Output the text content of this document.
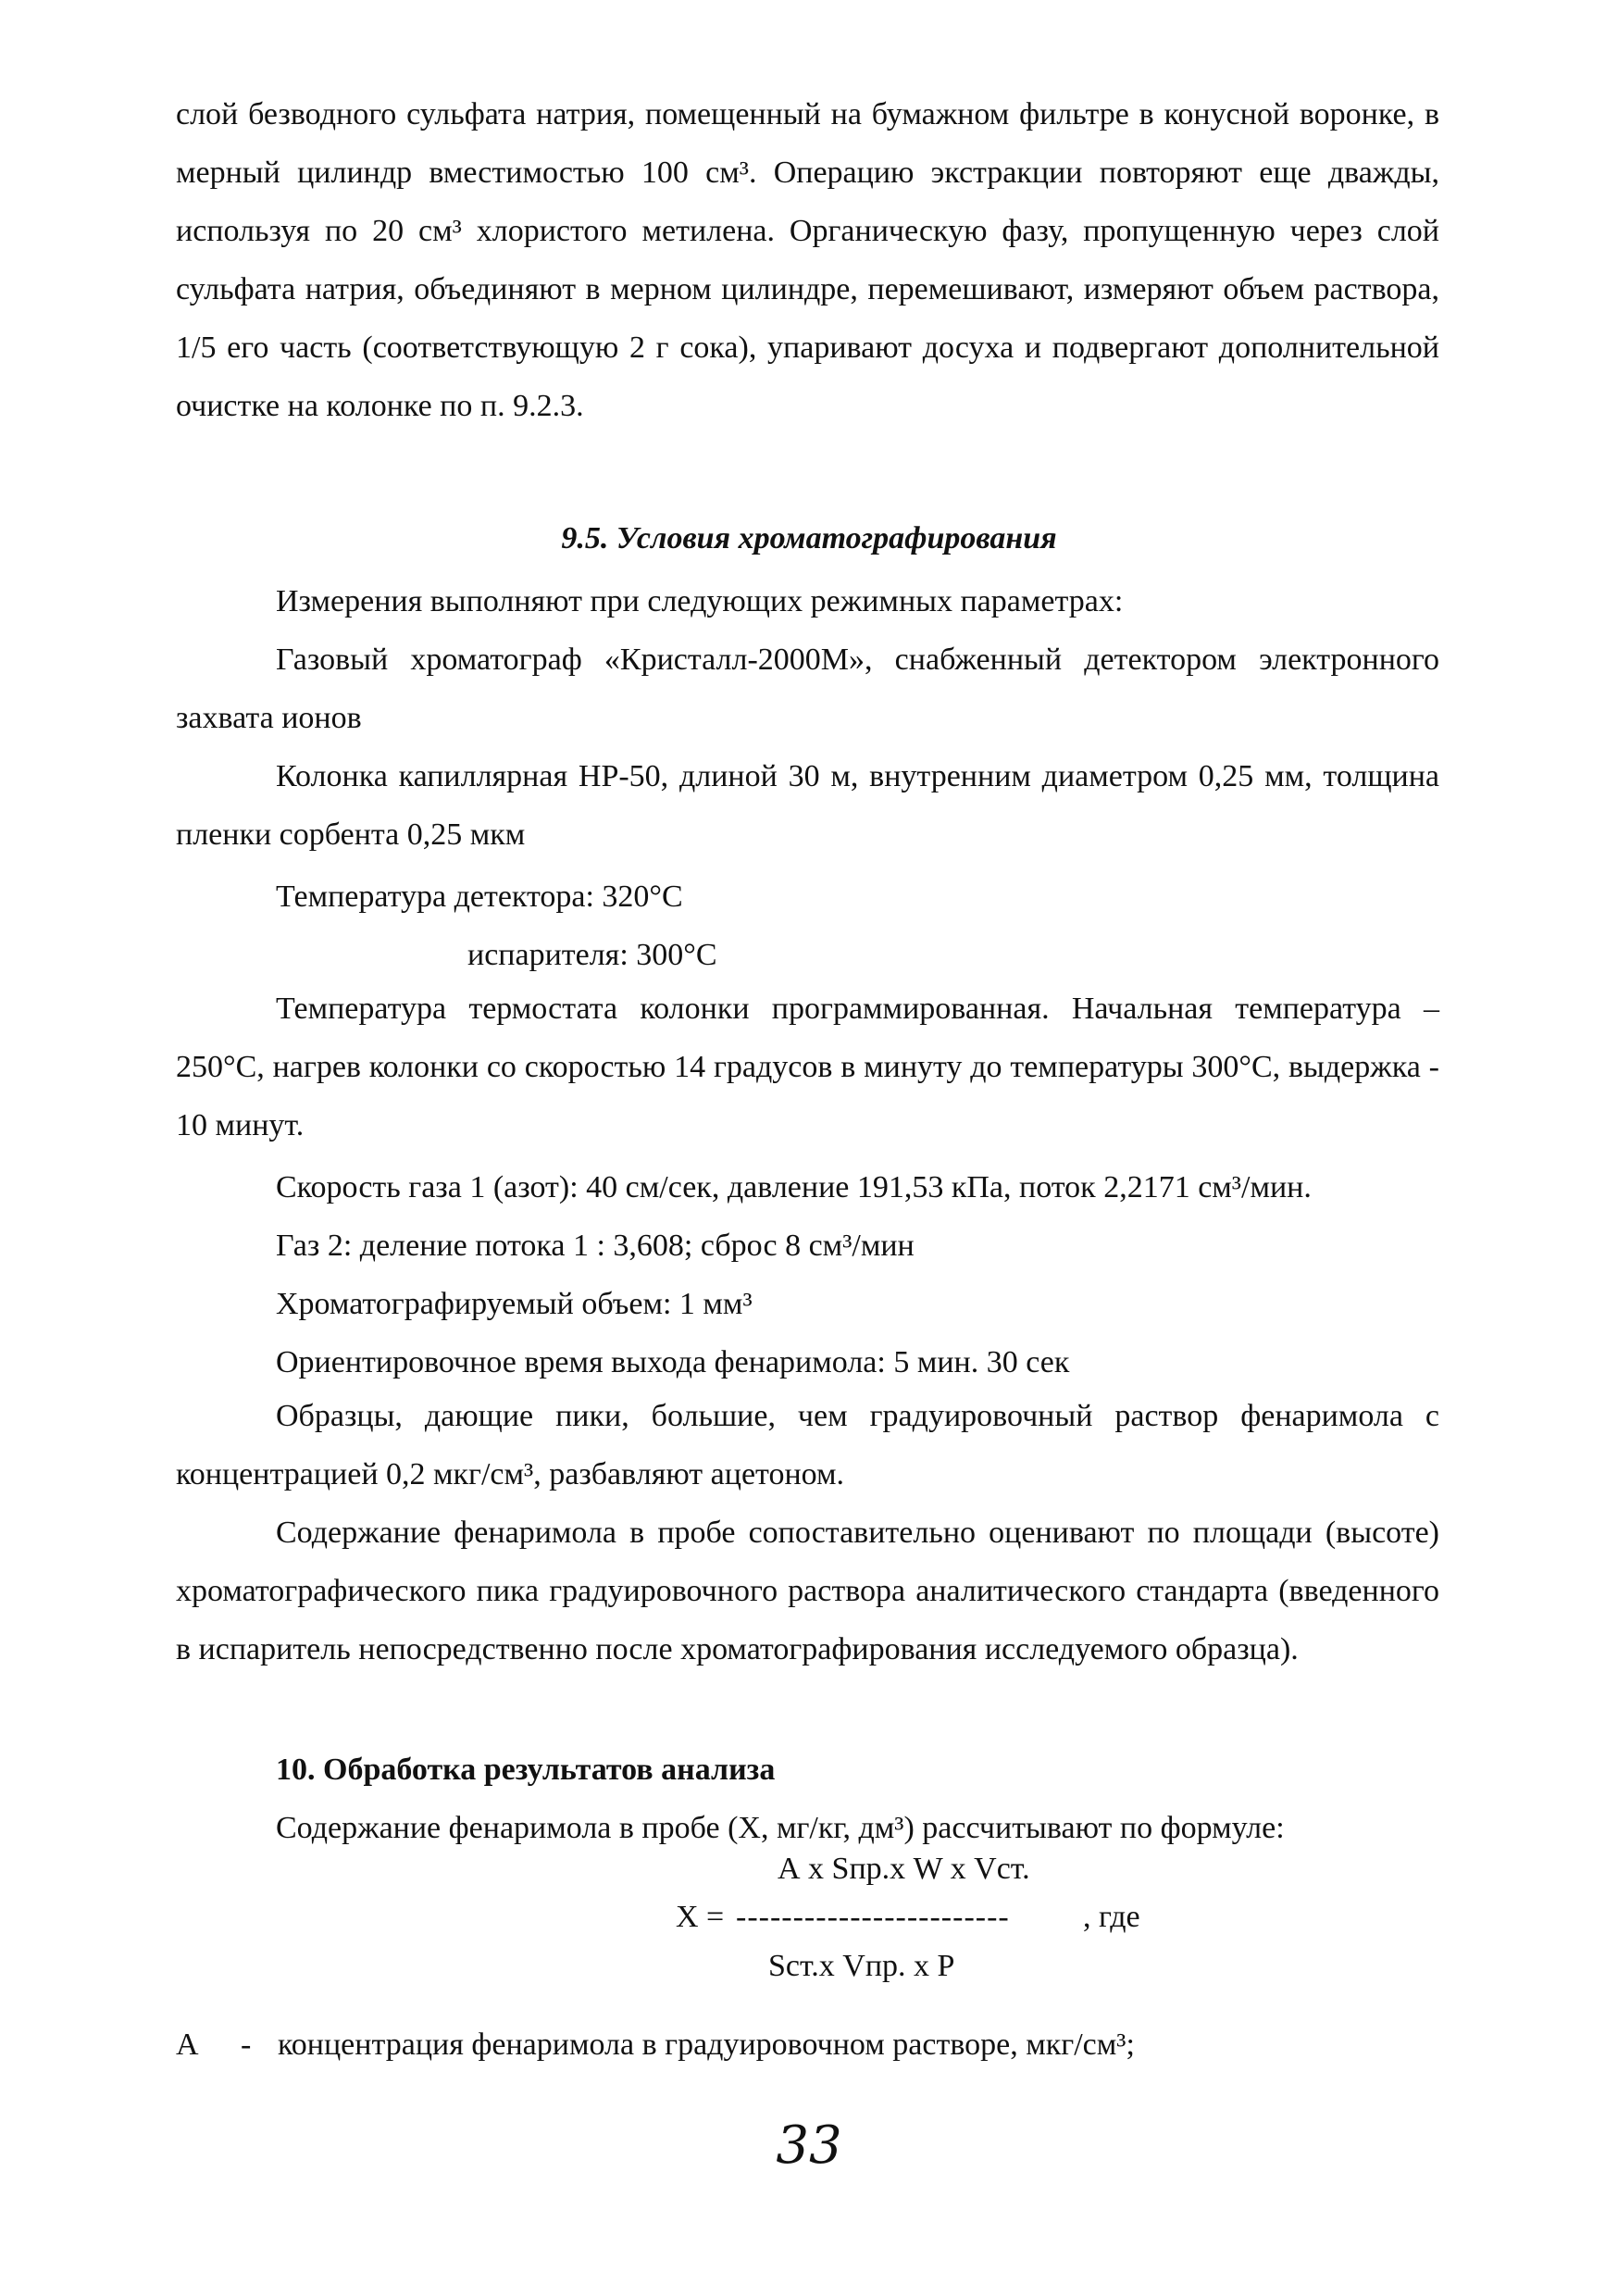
слой безводного сульфата натрия, помещенный на бумажном фильтре в конусной воронке, в мерный цилиндр вместимостью 100 см³. Операцию экстракции повторяют еще дважды, используя по 20 см³ хлористого метилена. Органическую фазу, пропущенную через слой сульфата натрия, объединяют в мерном цилиндре, перемешивают, измеряют объем раствора, 1/5 его часть (соответствующую 2 г сока), упаривают досуха и подвергают дополнительной очистке на колонке по п. 9.2.3.

9.5. Условия хроматографирования

Измерения выполняют при следующих режимных параметрах:

Газовый хроматограф «Кристалл-2000М», снабженный детектором электронного захвата ионов

Колонка капиллярная НР-50, длиной 30 м, внутренним диаметром 0,25 мм, толщина пленки сорбента 0,25 мкм

Температура детектора: 320°С

испарителя: 300°С

Температура термостата колонки программированная. Начальная температура – 250°С, нагрев колонки со скоростью 14 градусов в минуту до температуры 300°С, выдержка - 10 минут.

Скорость газа 1 (азот): 40 см/сек, давление 191,53 кПа, поток 2,2171 см³/мин.

Газ 2: деление потока 1 : 3,608; сброс 8 см³/мин

Хроматографируемый объем: 1 мм³

Ориентировочное время выхода фенаримола: 5 мин. 30 сек

Образцы, дающие пики, большие, чем градуировочный раствор фенаримола с концентрацией 0,2 мкг/см³, разбавляют ацетоном.

Содержание фенаримола в пробе сопоставительно оценивают по площади (высоте) хроматографического пика градуировочного раствора аналитического стандарта (введенного в испаритель непосредственно после хроматографирования исследуемого образца).

10. Обработка результатов анализа

Содержание фенаримола в пробе (Х, мг/кг, дм³) рассчитывают по формуле:

А х Sпр.х W х Vст.
Х = ------------------------ , где
Sст.х Vпр. х Р

А - концентрация фенаримола в градуировочном растворе, мкг/см³;

33
